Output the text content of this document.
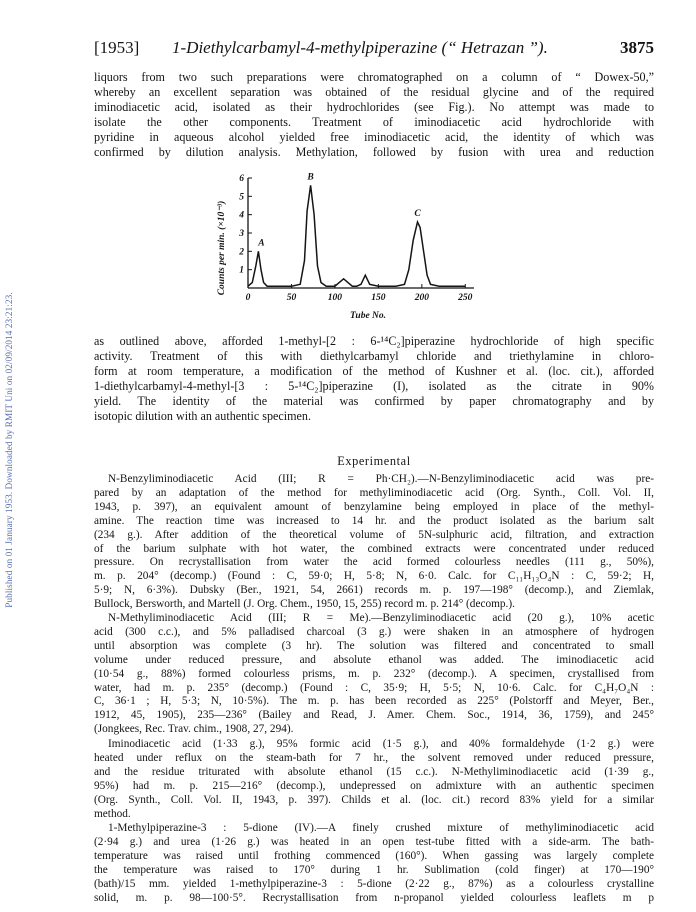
Published on 01 January 1953. Downloaded by RMIT Uni on 02/09/2014 23:21:23.
[1953] 1-Diethylcarbamyl-4-methylpiperazine (“ Hetrazan ”).	3875
liquors from two such preparations were chromatographed on a column of “ Dowex-50,”
whereby an excellent separation was obtained of the residual glycine and of the required
iminodiacetic acid, isolated as their hydrochlorides (see Fig.). No attempt was made to
isolate the other components. Treatment of iminodiacetic acid hydrochloride with
pyridine in aqueous alcohol yielded free iminodiacetic acid, the identity of which was
confirmed by dilution analysis. Methylation, followed by fusion with urea and reduction
0	50	100	150	200	250
1
2
3
4
5
6
A
B
C
Counts per min. (×10⁻³)
Tube No.
as outlined above, afforded 1-methyl-[2 : 6-¹⁴C₂]piperazine hydrochloride of high specific
activity. Treatment of this with diethylcarbamyl chloride and triethylamine in chloro-
form at room temperature, a modification of the method of Kushner et al. (loc. cit.), afforded
1-diethylcarbamyl-4-methyl-[3 : 5-¹⁴C₂]piperazine (I), isolated as the citrate in 90%
yield. The identity of the material was confirmed by paper chromatography and by
isotopic dilution with an authentic specimen.
Experimental
N-Benzyliminodiacetic Acid (III; R = Ph·CH₂).—N-Benzyliminodiacetic acid was pre-
pared by an adaptation of the method for methyliminodiacetic acid (Org. Synth., Coll. Vol. II,
1943, p. 397), an equivalent amount of benzylamine being employed in place of the methyl-
amine. The reaction time was increased to 14 hr. and the product isolated as the barium salt
(234 g.). After addition of the theoretical volume of 5N-sulphuric acid, filtration, and extraction
of the barium sulphate with hot water, the combined extracts were concentrated under reduced
pressure. On recrystallisation from water the acid formed colourless needles (111 g., 50%),
m. p. 204° (decomp.) (Found : C, 59·0; H, 5·8; N, 6·0. Calc. for C₁₁H₁₃O₄N : C, 59·2; H,
5·9; N, 6·3%). Dubsky (Ber., 1921, 54, 2661) records m. p. 197—198° (decomp.), and Ziemlak,
Bullock, Bersworth, and Martell (J. Org. Chem., 1950, 15, 255) record m. p. 214° (decomp.).
N-Methyliminodiacetic Acid (III; R = Me).—Benzyliminodiacetic acid (20 g.), 10% acetic
acid (300 c.c.), and 5% palladised charcoal (3 g.) were shaken in an atmosphere of hydrogen
until absorption was complete (3 hr). The solution was filtered and concentrated to small
volume under reduced pressure, and absolute ethanol was added. The iminodiacetic acid
(10·54 g., 88%) formed colourless prisms, m. p. 232° (decomp.). A specimen, crystallised from
water, had m. p. 235° (decomp.) (Found : C, 35·9; H, 5·5; N, 10·6. Calc. for C₄H₇O₄N :
C, 36·1 ; H, 5·3; N, 10·5%). The m. p. has been recorded as 225° (Polstorff and Meyer, Ber.,
1912, 45, 1905), 235—236° (Bailey and Read, J. Amer. Chem. Soc., 1914, 36, 1759), and 245°
(Jongkees, Rec. Trav. chim., 1908, 27, 294).
Iminodiacetic acid (1·33 g.), 95% formic acid (1·5 g.), and 40% formaldehyde (1·2 g.) were
heated under reflux on the steam-bath for 7 hr., the solvent removed under reduced pressure,
and the residue triturated with absolute ethanol (15 c.c.). N-Methyliminodiacetic acid (1·39 g.,
95%) had m. p. 215—216° (decomp.), undepressed on admixture with an authentic specimen
(Org. Synth., Coll. Vol. II, 1943, p. 397). Childs et al. (loc. cit.) record 83% yield for a similar
method.
1-Methylpiperazine-3 : 5-dione (IV).—A finely crushed mixture of methyliminodiacetic acid
(2·94 g.) and urea (1·26 g.) was heated in an open test-tube fitted with a side-arm. The bath-
temperature was raised until frothing commenced (160°). When gassing was largely complete
the temperature was raised to 170° during 1 hr. Sublimation (cold finger) at 170—190°
(bath)/15 mm. yielded 1-methylpiperazine-3 : 5-dione (2·22 g., 87%) as a colourless crystalline
solid, m. p. 98—100·5°. Recrystallisation from n-propanol yielded colourless leaflets m p
